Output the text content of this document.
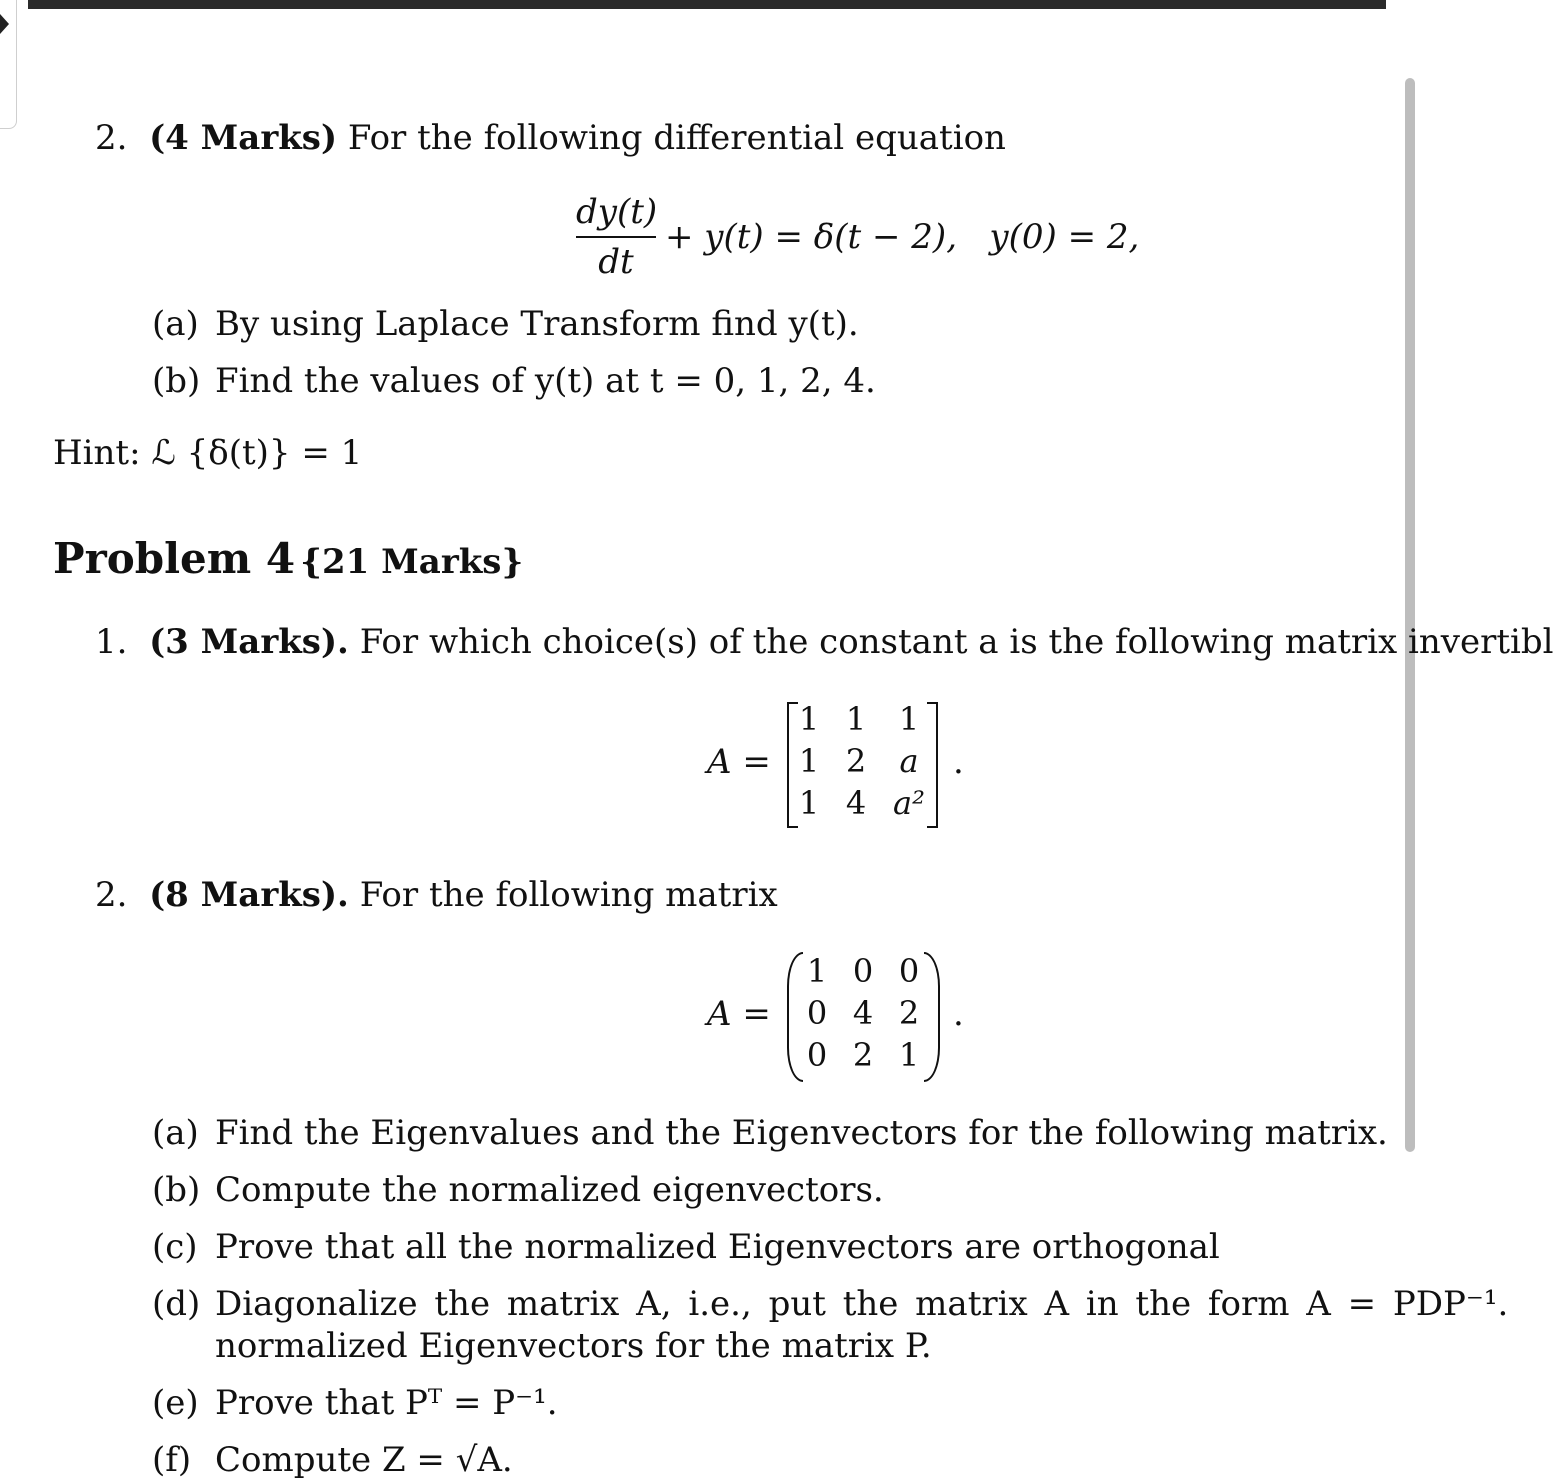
2. (4 Marks) For the following differential equation
dy(t)
dt
+ y(t) = δ(t − 2),   y(0) = 2,
(a) By using Laplace Transform find y(t).
(b) Find the values of y(t) at t = 0, 1, 2, 4.
Hint: ℒ {δ(t)} = 1
Problem 4 {21 Marks}
1. (3 Marks). For which choice(s) of the constant a is the following matrix invertibl
A =
1 1	1
1 2	a
1 4 a²
.
2. (8 Marks). For the following matrix
A =
1 0 0
0 4 2
0 2 1
.
(a) Find the Eigenvalues and the Eigenvectors for the following matrix.
(b) Compute the normalized eigenvectors.
(c) Prove that all the normalized Eigenvectors are orthogonal
(d) Diagonalize the matrix A, i.e., put the matrix A in the form A = PDP⁻¹.
normalized Eigenvectors for the matrix P.
(e) Prove that Pᵀ = P⁻¹.
(f) Compute Z = √A.
